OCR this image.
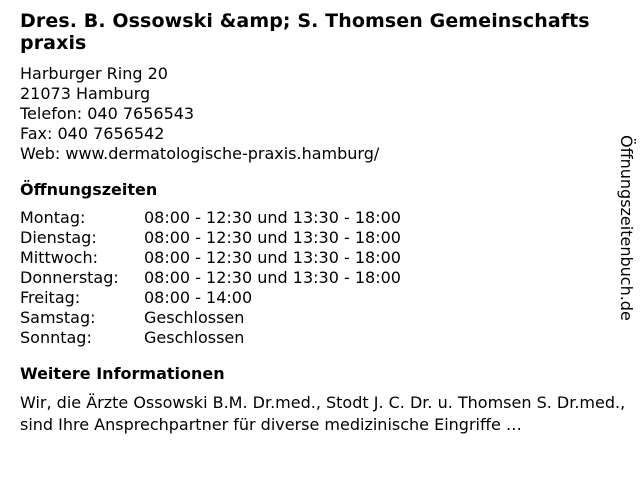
Dres. B. Ossowski &amp; S. Thomsen Gemeinschafts praxis
Harburger Ring 20
21073 Hamburg
Telefon: 040 7656543
Fax: 040 7656542
Web: www.dermatologische-praxis.hamburg/
Öffnungszeiten
Montag:	08:00 - 12:30 und 13:30 - 18:00
Dienstag:	08:00 - 12:30 und 13:30 - 18:00
Mittwoch:	08:00 - 12:30 und 13:30 - 18:00
Donnerstag:	08:00 - 12:30 und 13:30 - 18:00
Freitag:	08:00 - 14:00
Samstag:	Geschlossen
Sonntag:	Geschlossen
Weitere Informationen
Wir, die Ärzte Ossowski B.M. Dr.med., Stodt J. C. Dr. u. Thomsen S. Dr.med., sind Ihre Ansprechpartner für diverse medizinische Eingriffe …
Öffnungszeitenbuch.de
